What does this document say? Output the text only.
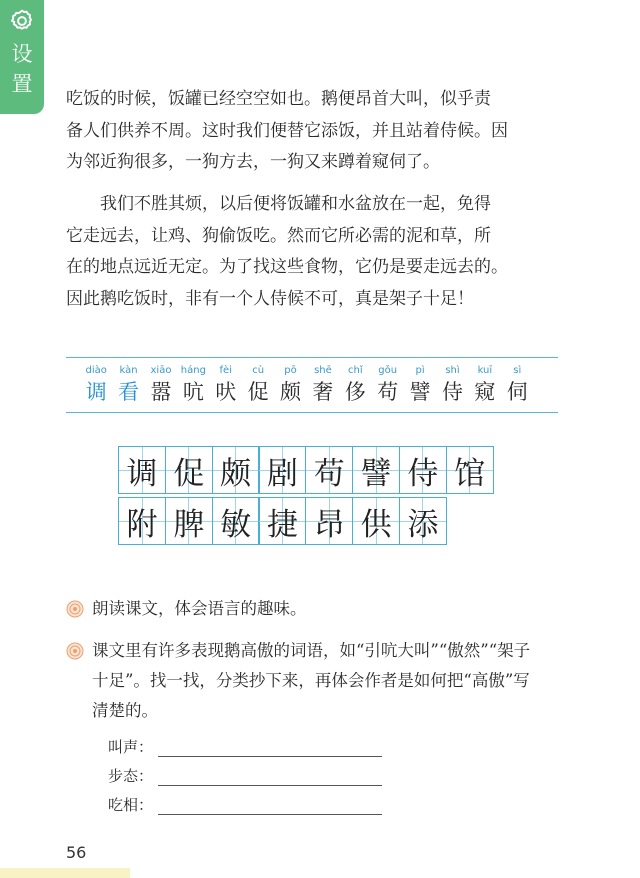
设
置
吃饭的时候，饭罐已经空空如也。鹅便昂首大叫，似乎责
备人们供养不周。这时我们便替它添饭，并且站着侍候。因
为邻近狗很多，一狗方去，一狗又来蹲着窥伺了。
我们不胜其烦，以后便将饭罐和水盆放在一起，免得
它走远去，让鸡、狗偷饭吃。然而它所必需的泥和草，所
在的地点远近无定。为了找这些食物，它仍是要走远去的。
因此鹅吃饭时，非有一个人侍候不可，真是架子十足！
diào
调
kàn
看
xiāo
嚣
háng
吭
fèi
吠
cù
促
pō
颇
shē
奢
chǐ
侈
gǒu
苟
pì
譬
shì
侍
kuī
窥
sì
伺
调 促 颇 剧 苟 譬 侍 馆
附 脾 敏 捷 昂 供 添
朗读课文，体会语言的趣味。
课文里有许多表现鹅高傲的词语，如“引吭大叫”“傲然”“架子
十足”。找一找，分类抄下来，再体会作者是如何把“高傲”写
清楚的。
叫声：
步态：
吃相：
56
